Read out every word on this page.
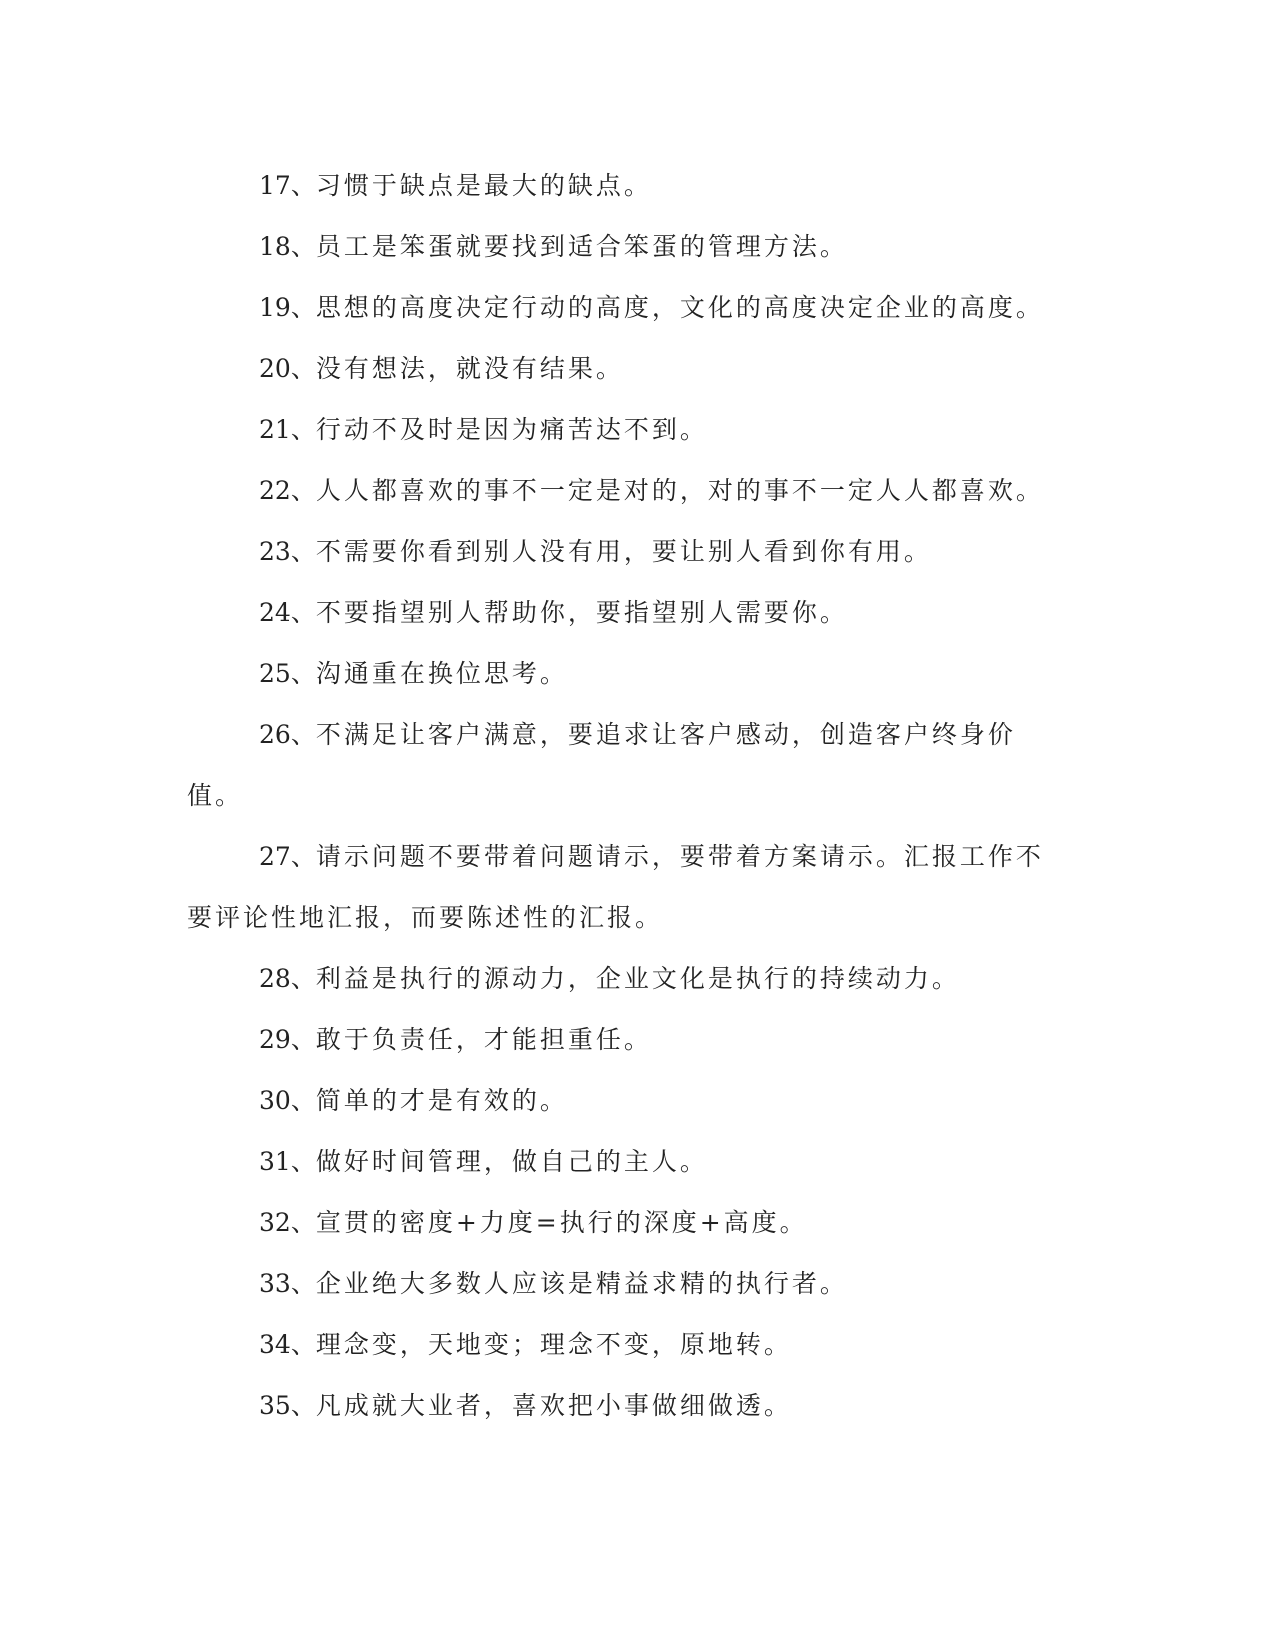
17、习惯于缺点是最大的缺点。

18、员工是笨蛋就要找到适合笨蛋的管理方法。

19、思想的高度决定行动的高度，文化的高度决定企业的高度。

20、没有想法，就没有结果。

21、行动不及时是因为痛苦达不到。

22、人人都喜欢的事不一定是对的，对的事不一定人人都喜欢。

23、不需要你看到别人没有用，要让别人看到你有用。

24、不要指望别人帮助你，要指望别人需要你。

25、沟通重在换位思考。

26、不满足让客户满意，要追求让客户感动，创造客户终身价值。

27、请示问题不要带着问题请示，要带着方案请示。汇报工作不要评论性地汇报，而要陈述性的汇报。

28、利益是执行的源动力，企业文化是执行的持续动力。

29、敢于负责任，才能担重任。

30、简单的才是有效的。

31、做好时间管理，做自己的主人。

32、宣贯的密度+力度=执行的深度+高度。

33、企业绝大多数人应该是精益求精的执行者。

34、理念变，天地变；理念不变，原地转。

35、凡成就大业者，喜欢把小事做细做透。
